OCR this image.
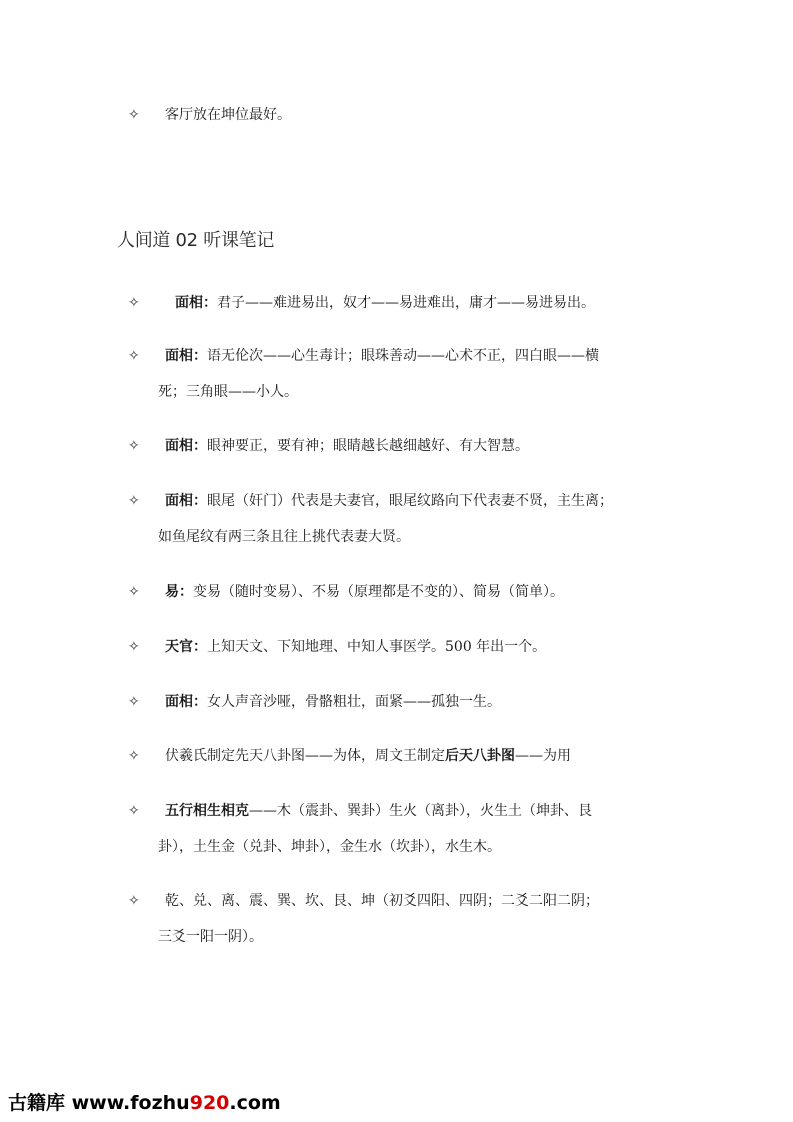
✧	客厅放在坤位最好。
人间道 02 听课笔记
✧	面相：君子——难进易出，奴才——易进难出，庸才——易进易出。
✧	面相：语无伦次——心生毒计；眼珠善动——心术不正，四白眼——横
死；三角眼——小人。
✧	面相：眼神要正，要有神；眼睛越长越细越好、有大智慧。
✧	面相：眼尾（奸门）代表是夫妻官，眼尾纹路向下代表妻不贤，主生离；
如鱼尾纹有两三条且往上挑代表妻大贤。
✧	易：变易（随时变易）、不易（原理都是不变的）、简易（简单）。
✧	天官：上知天文、下知地理、中知人事医学。500 年出一个。
✧	面相：女人声音沙哑，骨骼粗壮，面紧——孤独一生。
✧	伏羲氏制定先天八卦图——为体，周文王制定后天八卦图——为用
✧	五行相生相克——木（震卦、巽卦）生火（离卦），火生土（坤卦、艮
卦），土生金（兑卦、坤卦），金生水（坎卦），水生木。
✧	乾、兑、离、震、巽、坎、艮、坤（初爻四阳、四阴；二爻二阳二阴；
三爻一阳一阴）。
古籍库 www.fozhu920.com
